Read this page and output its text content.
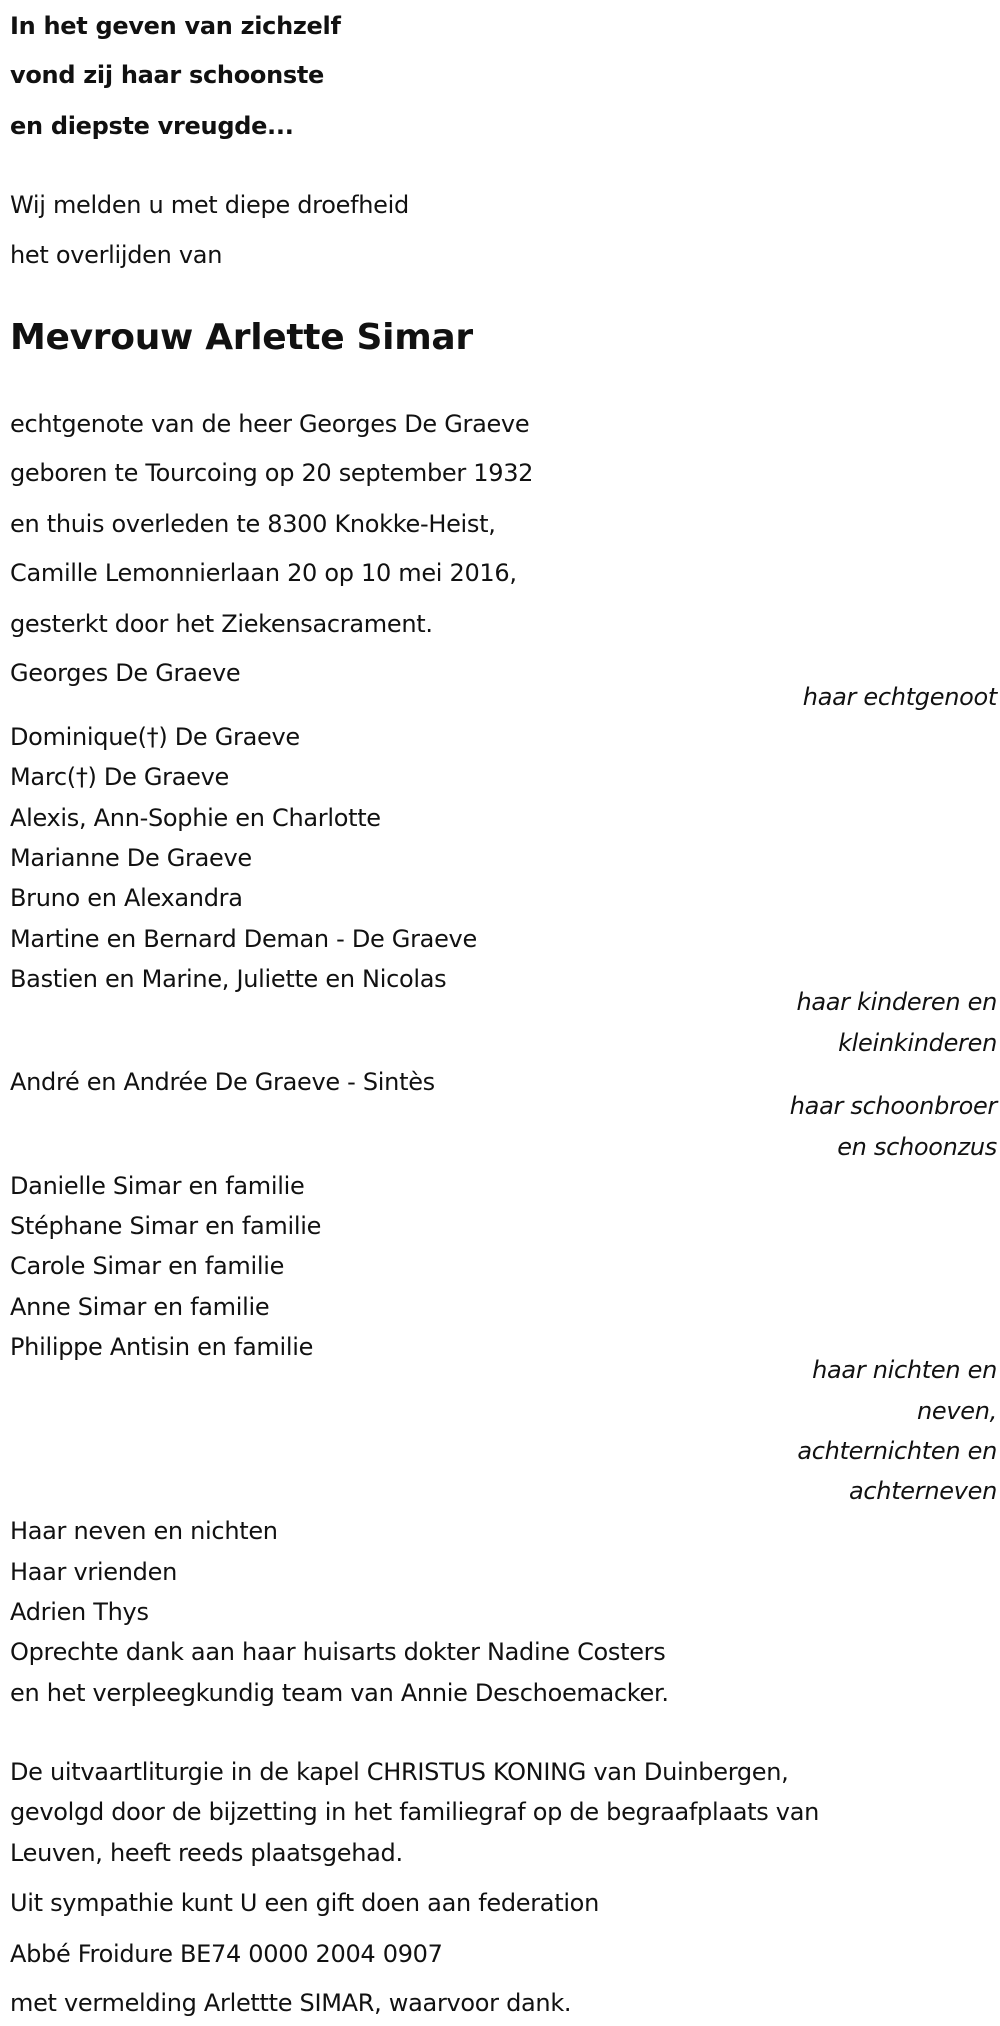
In het geven van zichzelf
vond zij haar schoonste
en diepste vreugde...
Wij melden u met diepe droefheid
het overlijden van
Mevrouw Arlette Simar
echtgenote van de heer Georges De Graeve
geboren te Tourcoing op 20 september 1932
en thuis overleden te 8300 Knokke-Heist,
Camille Lemonnierlaan 20 op 10 mei 2016,
gesterkt door het Ziekensacrament.
Georges De Graeve
haar echtgenoot
Dominique(†) De Graeve
Marc(†) De Graeve
Alexis, Ann-Sophie en Charlotte
Marianne De Graeve
Bruno en Alexandra
Martine en Bernard Deman - De Graeve
Bastien en Marine, Juliette en Nicolas
haar kinderen en
kleinkinderen
André en Andrée De Graeve - Sintès
haar schoonbroer
en schoonzus
Danielle Simar en familie
Stéphane Simar en familie
Carole Simar en familie
Anne Simar en familie
Philippe Antisin en familie
haar nichten en
neven,
achternichten en
achterneven
Haar neven en nichten
Haar vrienden
Adrien Thys
Oprechte dank aan haar huisarts dokter Nadine Costers
en het verpleegkundig team van Annie Deschoemacker.
De uitvaartliturgie in de kapel CHRISTUS KONING van Duinbergen,
gevolgd door de bijzetting in het familiegraf op de begraafplaats van
Leuven, heeft reeds plaatsgehad.
Uit sympathie kunt U een gift doen aan federation
Abbé Froidure BE74 0000 2004 0907
met vermelding Arlettte SIMAR, waarvoor dank.
